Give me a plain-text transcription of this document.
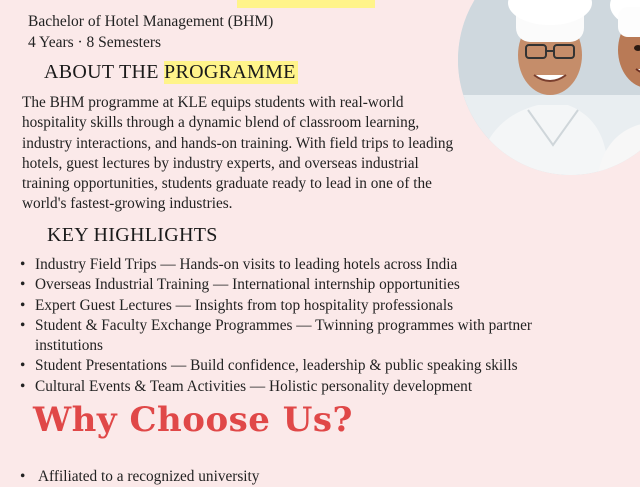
Bachelor of Hotel Management (BHM)
4 Years · 8 Semesters
ABOUT THE PROGRAMME
The BHM programme at KLE equips students with real-world hospitality skills through a dynamic blend of classroom learning, industry interactions, and hands-on training. With field trips to leading hotels, guest lectures by industry experts, and overseas industrial training opportunities, students graduate ready to lead in one of the world's fastest-growing industries.
KEY HIGHLIGHTS
• Industry Field Trips — Hands-on visits to leading hotels across India
• Overseas Industrial Training — International internship opportunities
• Expert Guest Lectures — Insights from top hospitality professionals
• Student & Faculty Exchange Programmes — Twinning programmes with partner institutions
• Student Presentations — Build confidence, leadership & public speaking skills
• Cultural Events & Team Activities — Holistic personality development
Why Choose Us?
• Affiliated to a recognized university
